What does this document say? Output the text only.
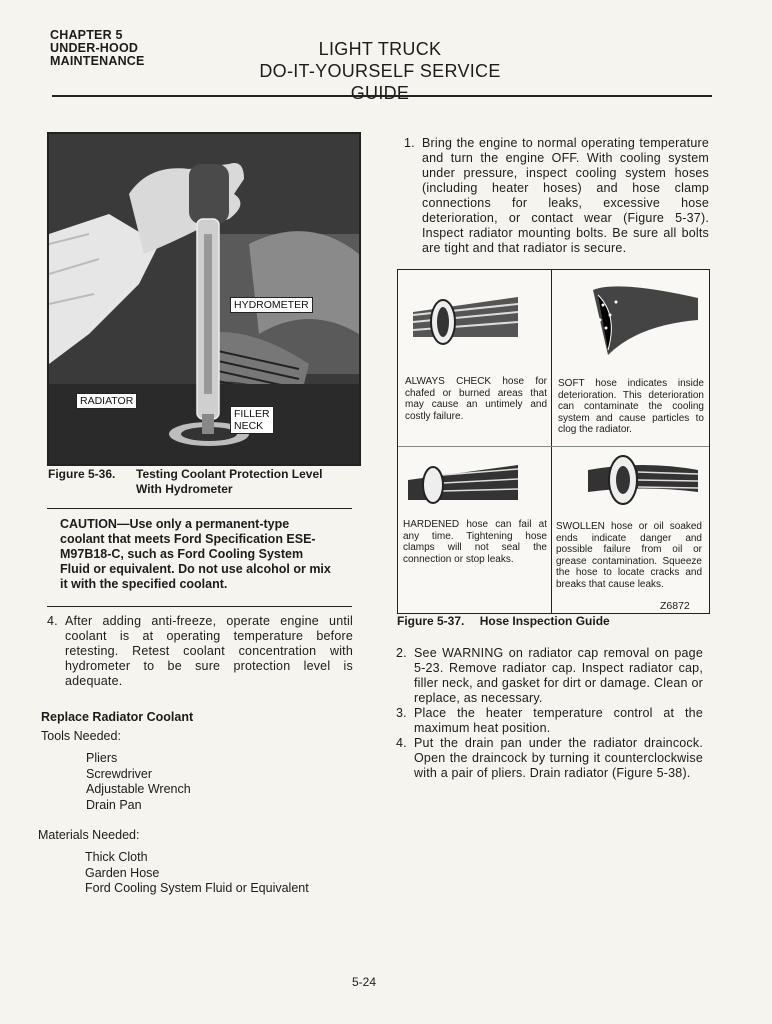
CHAPTER 5
UNDER-HOOD
MAINTENANCE
LIGHT TRUCK
DO-IT-YOURSELF SERVICE GUIDE
HYDROMETER
RADIATOR
FILLER
NECK
Figure 5-36.	Testing Coolant Protection Level
With Hydrometer
CAUTION—Use only a permanent-type
coolant that meets Ford Specification ESE-
M97B18-C, such as Ford Cooling System
Fluid or equivalent. Do not use alcohol or mix
it with the specified coolant.
4. After adding anti-freeze, operate engine until coolant is at operating temperature before retesting. Retest coolant concentration with hydrometer to be sure protection level is adequate.
Replace Radiator Coolant
Tools Needed:
Pliers
Screwdriver
Adjustable Wrench
Drain Pan
Materials Needed:
Thick Cloth
Garden Hose
Ford Cooling System Fluid or Equivalent
1. Bring the engine to normal operating temperature and turn the engine OFF. With cooling system under pressure, inspect cooling system hoses (including heater hoses) and hose clamp connections for leaks, excessive hose deterioration, or contact wear (Figure 5-37). Inspect radiator mounting bolts. Be sure all bolts are tight and that radiator is secure.
ALWAYS CHECK hose for chafed or burned areas that may cause an untimely and costly failure.
SOFT hose indicates inside deterioration. This deterioration can contaminate the cooling system and cause particles to clog the radiator.
HARDENED hose can fail at any time. Tightening hose clamps will not seal the connection or stop leaks.
SWOLLEN hose or oil soaked ends indicate danger and possible failure from oil or grease contamination. Squeeze the hose to locate cracks and breaks that cause leaks.
Z6872
Figure 5-37. Hose Inspection Guide
2. See WARNING on radiator cap removal on page 5-23. Remove radiator cap. Inspect radiator cap, filler neck, and gasket for dirt or damage. Clean or replace, as necessary.
3. Place the heater temperature control at the maximum heat position.
4. Put the drain pan under the radiator draincock. Open the draincock by turning it counterclockwise with a pair of pliers. Drain radiator (Figure 5-38).
5-24
